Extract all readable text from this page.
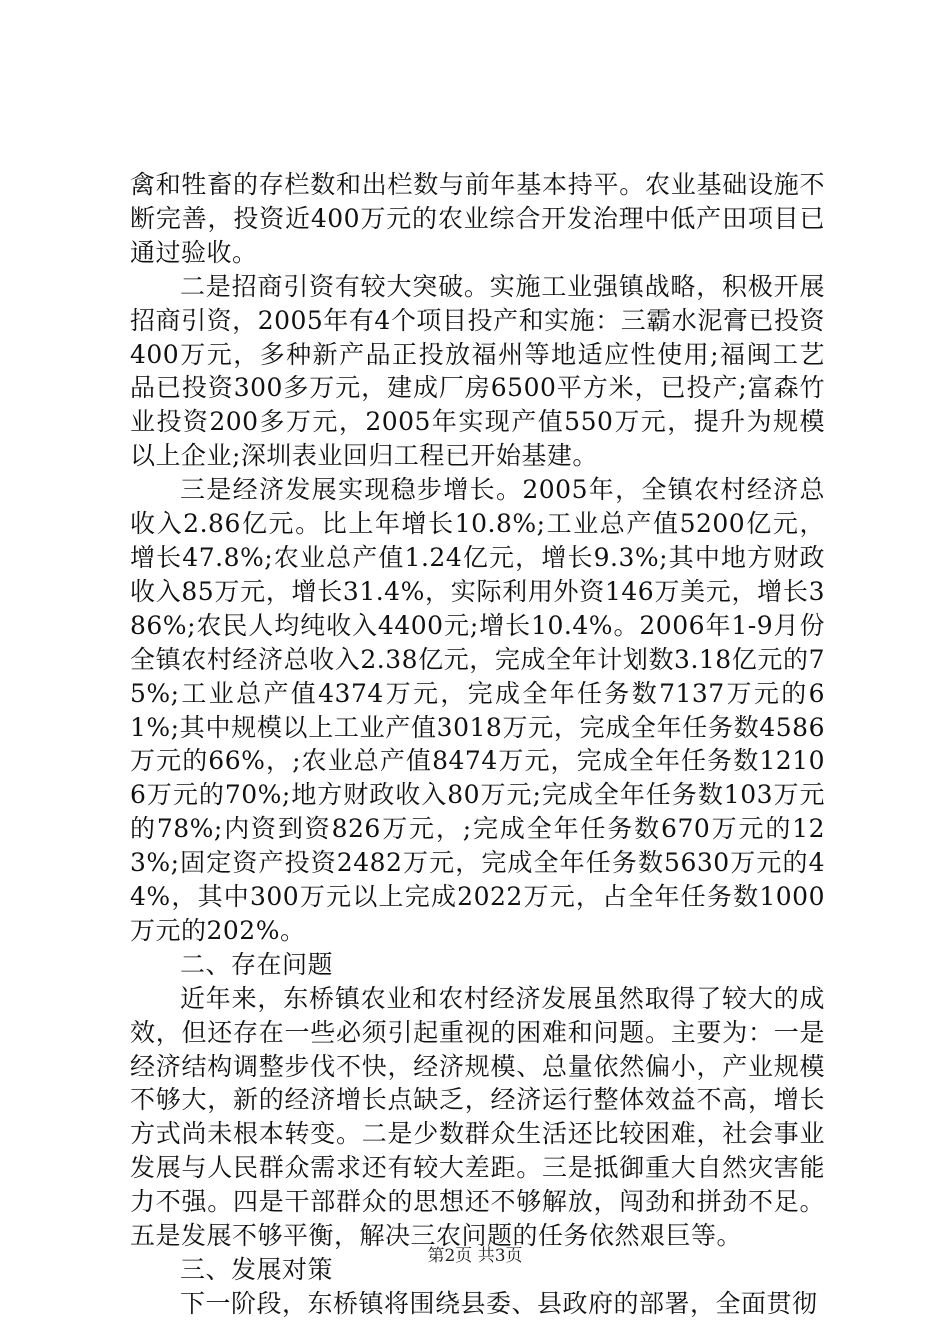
禽和牲畜的存栏数和出栏数与前年基本持平。农业基础设施不断完善，投资近400万元的农业综合开发治理中低产田项目已通过验收。

二是招商引资有较大突破。实施工业强镇战略，积极开展招商引资，2005年有4个项目投产和实施：三霸水泥膏已投资400万元，多种新产品正投放福州等地适应性使用;福闽工艺品已投资300多万元，建成厂房6500平方米，已投产;富森竹业投资200多万元，2005年实现产值550万元，提升为规模以上企业;深圳表业回归工程已开始基建。

三是经济发展实现稳步增长。2005年，全镇农村经济总收入2.86亿元。比上年增长10.8%;工业总产值5200亿元，增长47.8%;农业总产值1.24亿元，增长9.3%;其中地方财政收入85万元，增长31.4%，实际利用外资146万美元，增长386%;农民人均纯收入4400元;增长10.4%。2006年1-9月份全镇农村经济总收入2.38亿元，完成全年计划数3.18亿元的75%;工业总产值4374万元，完成全年任务数7137万元的61%;其中规模以上工业产值3018万元，完成全年任务数4586万元的66%，;农业总产值8474万元，完成全年任务数12106万元的70%;地方财政收入80万元;完成全年任务数103万元的78%;内资到资826万元，;完成全年任务数670万元的123%;固定资产投资2482万元，完成全年任务数5630万元的44%，其中300万元以上完成2022万元，占全年任务数1000万元的202%。

二、存在问题

近年来，东桥镇农业和农村经济发展虽然取得了较大的成效，但还存在一些必须引起重视的困难和问题。主要为：一是经济结构调整步伐不快，经济规模、总量依然偏小，产业规模不够大，新的经济增长点缺乏，经济运行整体效益不高，增长方式尚未根本转变。二是少数群众生活还比较困难，社会事业发展与人民群众需求还有较大差距。三是抵御重大自然灾害能力不强。四是干部群众的思想还不够解放，闯劲和拼劲不足。五是发展不够平衡，解决三农问题的任务依然艰巨等。

三、发展对策

下一阶段，东桥镇将围绕县委、县政府的部署，全面贯彻

第2页 共3页
